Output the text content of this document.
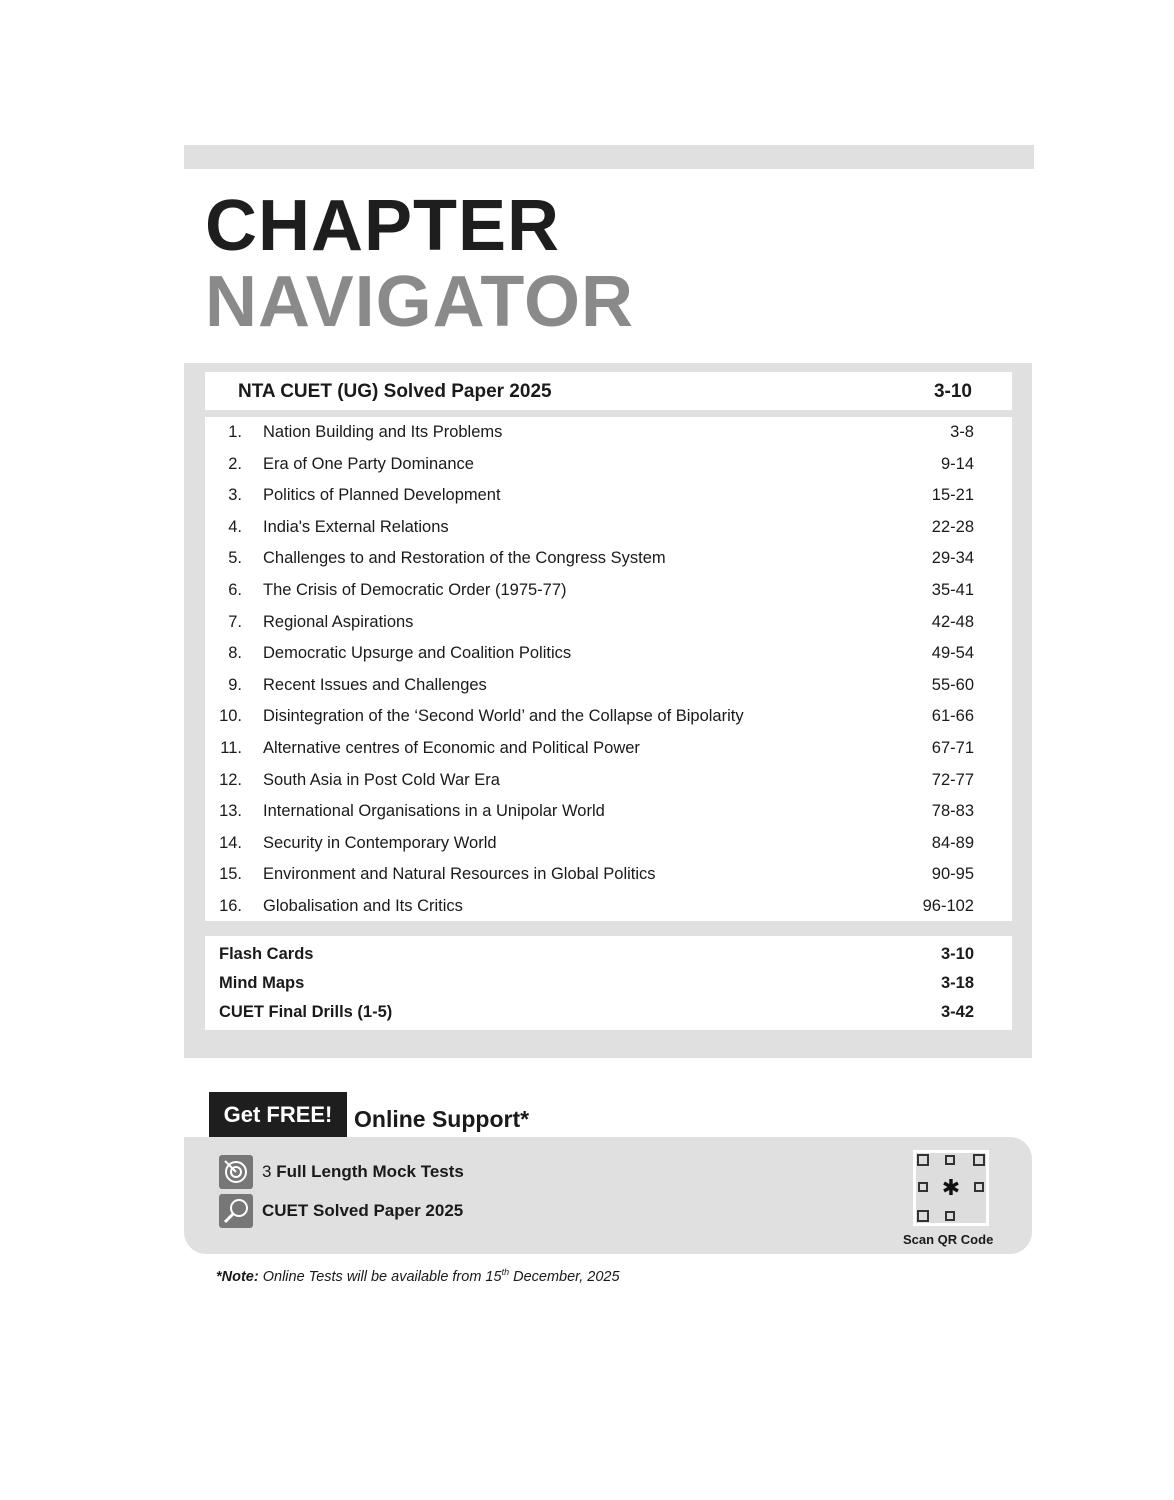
CHAPTER
NAVIGATOR
NTA CUET (UG) Solved Paper 2025	3-10
1. Nation Building and Its Problems	3-8
2. Era of One Party Dominance	9-14
3. Politics of Planned Development	15-21
4. India's External Relations	22-28
5. Challenges to and Restoration of the Congress System	29-34
6. The Crisis of Democratic Order (1975-77)	35-41
7. Regional Aspirations	42-48
8. Democratic Upsurge and Coalition Politics	49-54
9. Recent Issues and Challenges	55-60
10. Disintegration of the ‘Second World’ and the Collapse of Bipolarity	61-66
11. Alternative centres of Economic and Political Power	67-71
12. South Asia in Post Cold War Era	72-77
13. International Organisations in a Unipolar World	78-83
14. Security in Contemporary World	84-89
15. Environment and Natural Resources in Global Politics	90-95
16. Globalisation and Its Critics	96-102
Flash Cards	3-10
Mind Maps	3-18
CUET Final Drills (1-5)	3-42
Get FREE! Online Support*
3 Full Length Mock Tests
CUET Solved Paper 2025
✱
Scan QR Code
*Note: Online Tests will be available from 15th December, 2025
